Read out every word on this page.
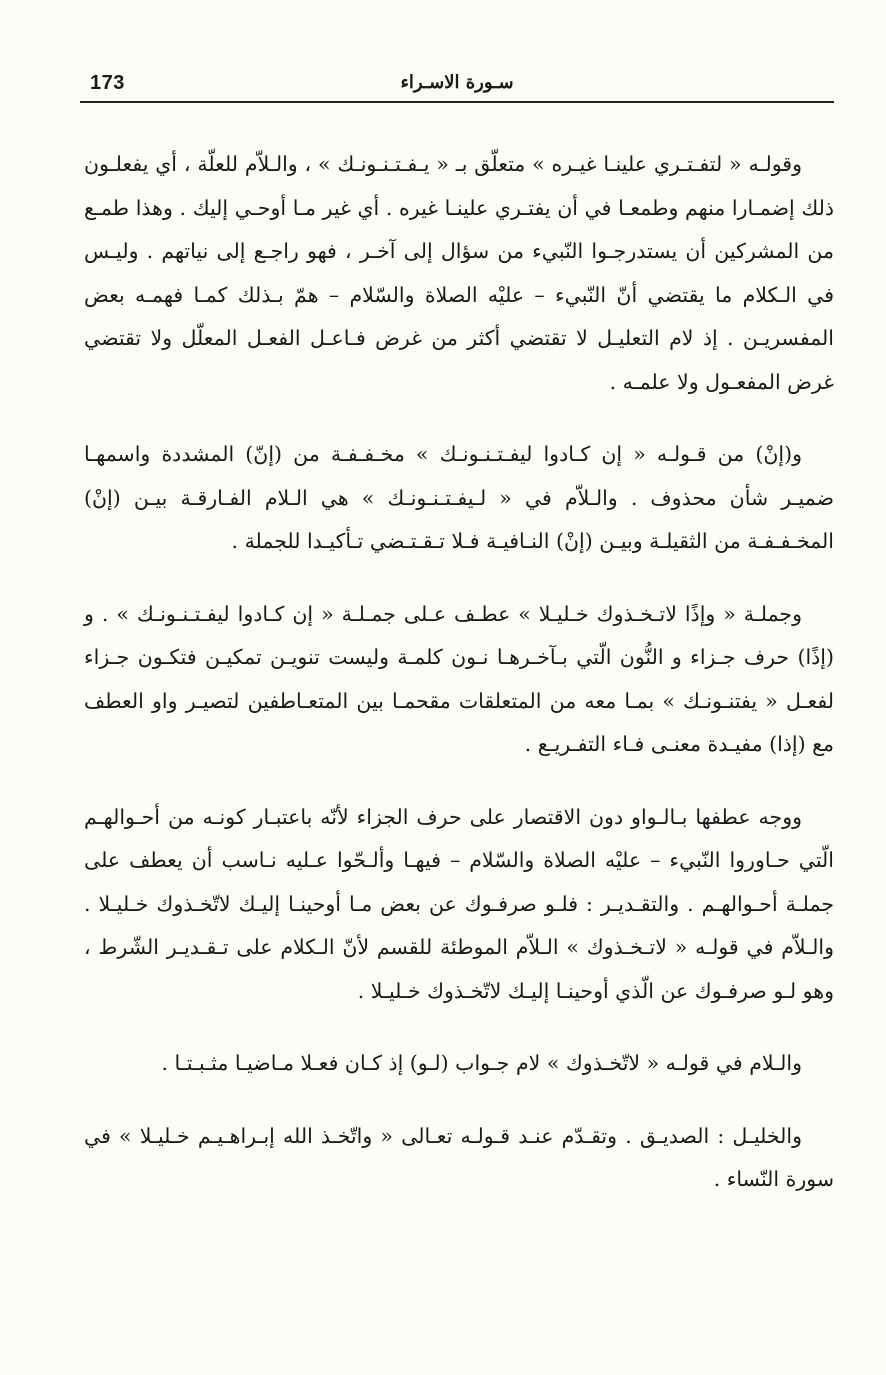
173	سـورة الاسـراء

وقولـه « لتفـتـري علينـا غيـره » متعلّق بـ « يـفـتـنـونـك » ، والـلاّم للعلّة ، أي يفعلـون ذلك إضمـارا منهم وطمعـا في أن يفتـري علينـا غيره . أي غير مـا أوحـي إليك . وهذا طمـع من المشركين أن يستدرجـوا النّبيء من سؤال إلى آخـر ، فهو راجـع إلى نياتهم . وليـس في الـكلام ما يقتضي أنّ النّبيء – عليْه الصلاة والسّلام – همّ بـذلك كمـا فهمـه بعض المفسريـن . إذ لام التعليـل لا تقتضي أكثر من غرض فـاعـل الفعـل المعلّل ولا تقتضي غرض المفعـول ولا علمـه .

و(إنْ) من قـولـه « إن كـادوا ليفـتـنـونـك » مخـفـفـة من (إنّ) المشددة واسمهـا ضميـر شأن محذوف . والـلاّم في « لـيفـتـنـونـك » هي الـلام الفـارقـة بيـن (إنْ) المخـفـفـة من الثقيلـة وبيـن (إنْ) النـافيـة فـلا تـقـتـضي تـأكيـدا للجملة .

وجملـة « وإذًا لاتـخـذوك خـليـلا » عطـف عـلى جمـلـة « إن كـادوا ليفـتـنـونـك » . و (إذًا) حرف جـزاء و النُّون الّتي بـآخـرهـا نـون كلمـة وليست تنويـن تمكيـن فتكـون جـزاء لفعـل « يفتنـونـك » بمـا معه من المتعلقات مقحمـا بين المتعـاطفين لتصيـر واو العطف مع (إذا) مفيـدة معنـى فـاء التفـريـع .

ووجه عطفها بـالـواو دون الاقتصار على حرف الجزاء لأنّه باعتبـار كونـه من أحـوالهـم الّتي حـاوروا النّبيء – عليْه الصلاة والسّلام – فيهـا وألـحّوا عـليه نـاسب أن يعطف على جملـة أحـوالهـم . والتقـديـر : فلـو صرفـوك عن بعض مـا أوحينـا إليـك لاتّخـذوك خـليـلا . والـلاّم في قولـه « لاتـخـذوك » الـلاّم الموطئة للقسم لأنّ الـكلام على تـقـديـر الشّرط ، وهو لـو صرفـوك عن الّذي أوحينـا إليـك لاتّخـذوك خـليـلا .

والـلام في قولـه « لاتّخـذوك » لام جـواب (لـو) إذ كـان فعـلا مـاضيـا مثـبـتـا .

والخليـل : الصديـق . وتقـدّم عنـد قـولـه تعـالى « واتّخـذ الله إبـراهـيـم خـليـلا » في سورة النّساء .
